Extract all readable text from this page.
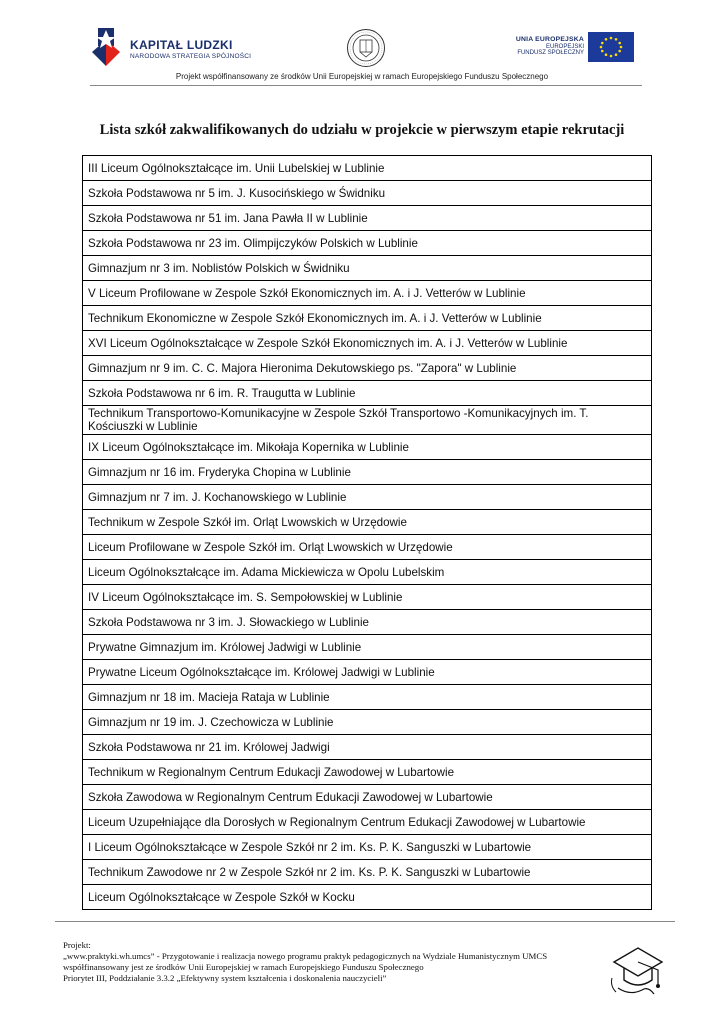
KAPITAŁ LUDZKI
NARODOWA STRATEGIA SPÓJNOŚCI
UNIA EUROPEJSKA
EUROPEJSKI
FUNDUSZ SPOŁECZNY
Projekt współfinansowany ze środków Unii Europejskiej w ramach Europejskiego Funduszu Społecznego
Lista szkół zakwalifikowanych do udziału w projekcie w pierwszym etapie rekrutacji
III Liceum Ogólnokształcące im. Unii Lubelskiej w Lublinie
Szkoła Podstawowa nr 5 im. J. Kusocińskiego w Świdniku
Szkoła Podstawowa nr 51 im. Jana Pawła II w Lublinie
Szkoła Podstawowa nr 23 im. Olimpijczyków Polskich w Lublinie
Gimnazjum nr 3 im. Noblistów Polskich w Świdniku
V Liceum Profilowane w Zespole Szkół Ekonomicznych im. A. i J. Vetterów w Lublinie
Technikum Ekonomiczne w Zespole Szkół Ekonomicznych im. A. i J. Vetterów w Lublinie
XVI Liceum Ogólnokształcące w Zespole Szkół Ekonomicznych im. A. i J. Vetterów w Lublinie
Gimnazjum nr 9 im. C. C. Majora Hieronima Dekutowskiego ps. "Zapora" w Lublinie
Szkoła Podstawowa nr 6 im. R. Traugutta w Lublinie
Technikum Transportowo-Komunikacyjne w Zespole Szkół Transportowo -Komunikacyjnych im. T. Kościuszki w Lublinie
IX Liceum Ogólnokształcące im. Mikołaja Kopernika w Lublinie
Gimnazjum nr 16 im. Fryderyka Chopina w Lublinie
Gimnazjum nr 7 im. J. Kochanowskiego w Lublinie
Technikum w Zespole Szkół im. Orląt Lwowskich w Urzędowie
Liceum Profilowane w Zespole Szkół im. Orląt Lwowskich w Urzędowie
Liceum Ogólnokształcące im. Adama Mickiewicza w Opolu Lubelskim
IV Liceum Ogólnokształcące im. S. Sempołowskiej w Lublinie
Szkoła Podstawowa nr 3 im. J. Słowackiego w Lublinie
Prywatne Gimnazjum im. Królowej Jadwigi w Lublinie
Prywatne Liceum Ogólnokształcące im. Królowej Jadwigi w Lublinie
Gimnazjum nr 18 im. Macieja Rataja w Lublinie
Gimnazjum nr 19 im. J. Czechowicza w Lublinie
Szkoła Podstawowa nr 21 im. Królowej Jadwigi
Technikum w Regionalnym Centrum Edukacji Zawodowej w Lubartowie
Szkoła Zawodowa w Regionalnym Centrum Edukacji Zawodowej w Lubartowie
Liceum Uzupełniające dla Dorosłych w Regionalnym Centrum Edukacji Zawodowej w Lubartowie
I Liceum Ogólnokształcące w Zespole Szkół nr 2 im. Ks. P. K. Sanguszki w Lubartowie
Technikum Zawodowe nr 2 w Zespole Szkół nr 2 im. Ks. P. K. Sanguszki w Lubartowie
Liceum Ogólnokształcące w Zespole Szkół w Kocku
Projekt:
„www.praktyki.wh.umcs” - Przygotowanie i realizacja nowego programu praktyk pedagogicznych na Wydziale Humanistycznym UMCS
współfinansowany jest ze środków Unii Europejskiej w ramach Europejskiego Funduszu Społecznego
Priorytet III, Poddziałanie 3.3.2 „Efektywny system kształcenia i doskonalenia nauczycieli”
